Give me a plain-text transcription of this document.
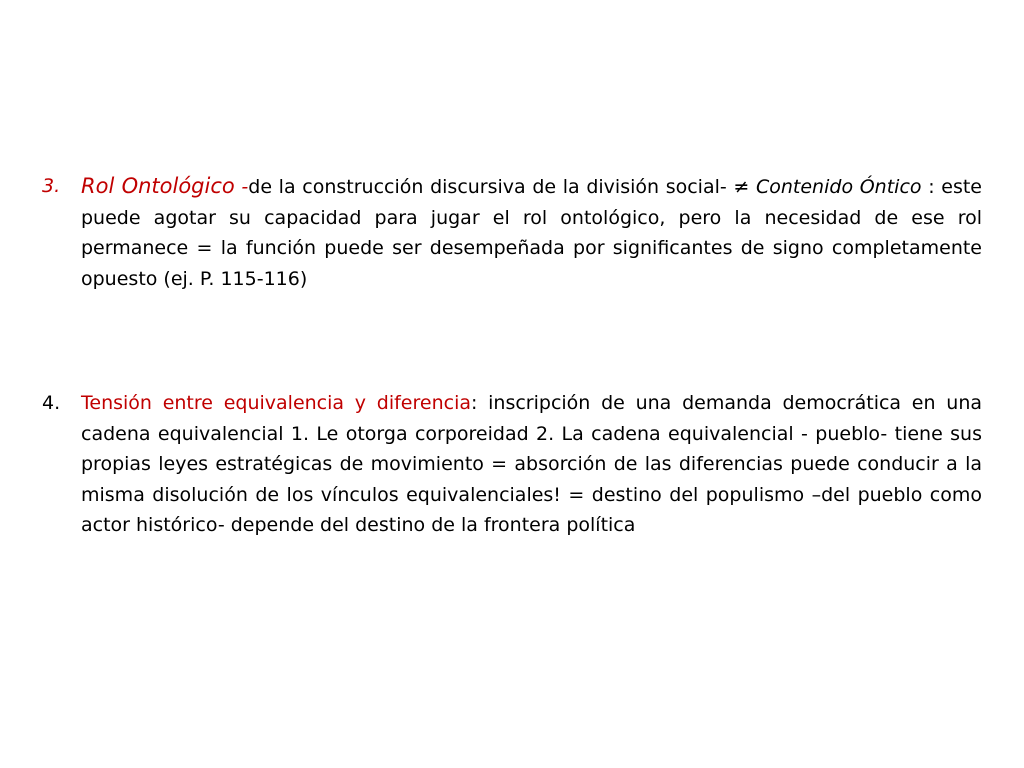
3. Rol Ontológico -de la construcción discursiva de la división social- ≠ Contenido Óntico : este puede agotar su capacidad para jugar el rol ontológico, pero la necesidad de ese rol permanece = la función puede ser desempeñada por significantes de signo completamente opuesto (ej. P. 115-116)
4.	Tensión entre equivalencia y diferencia: inscripción de una demanda democrática en una cadena equivalencial 1. Le otorga corporeidad 2. La cadena equivalencial - pueblo- tiene sus propias leyes estratégicas de movimiento = absorción de las diferencias puede conducir a la misma disolución de los vínculos equivalenciales! = destino del populismo –del pueblo como actor histórico- depende del destino de la frontera política
